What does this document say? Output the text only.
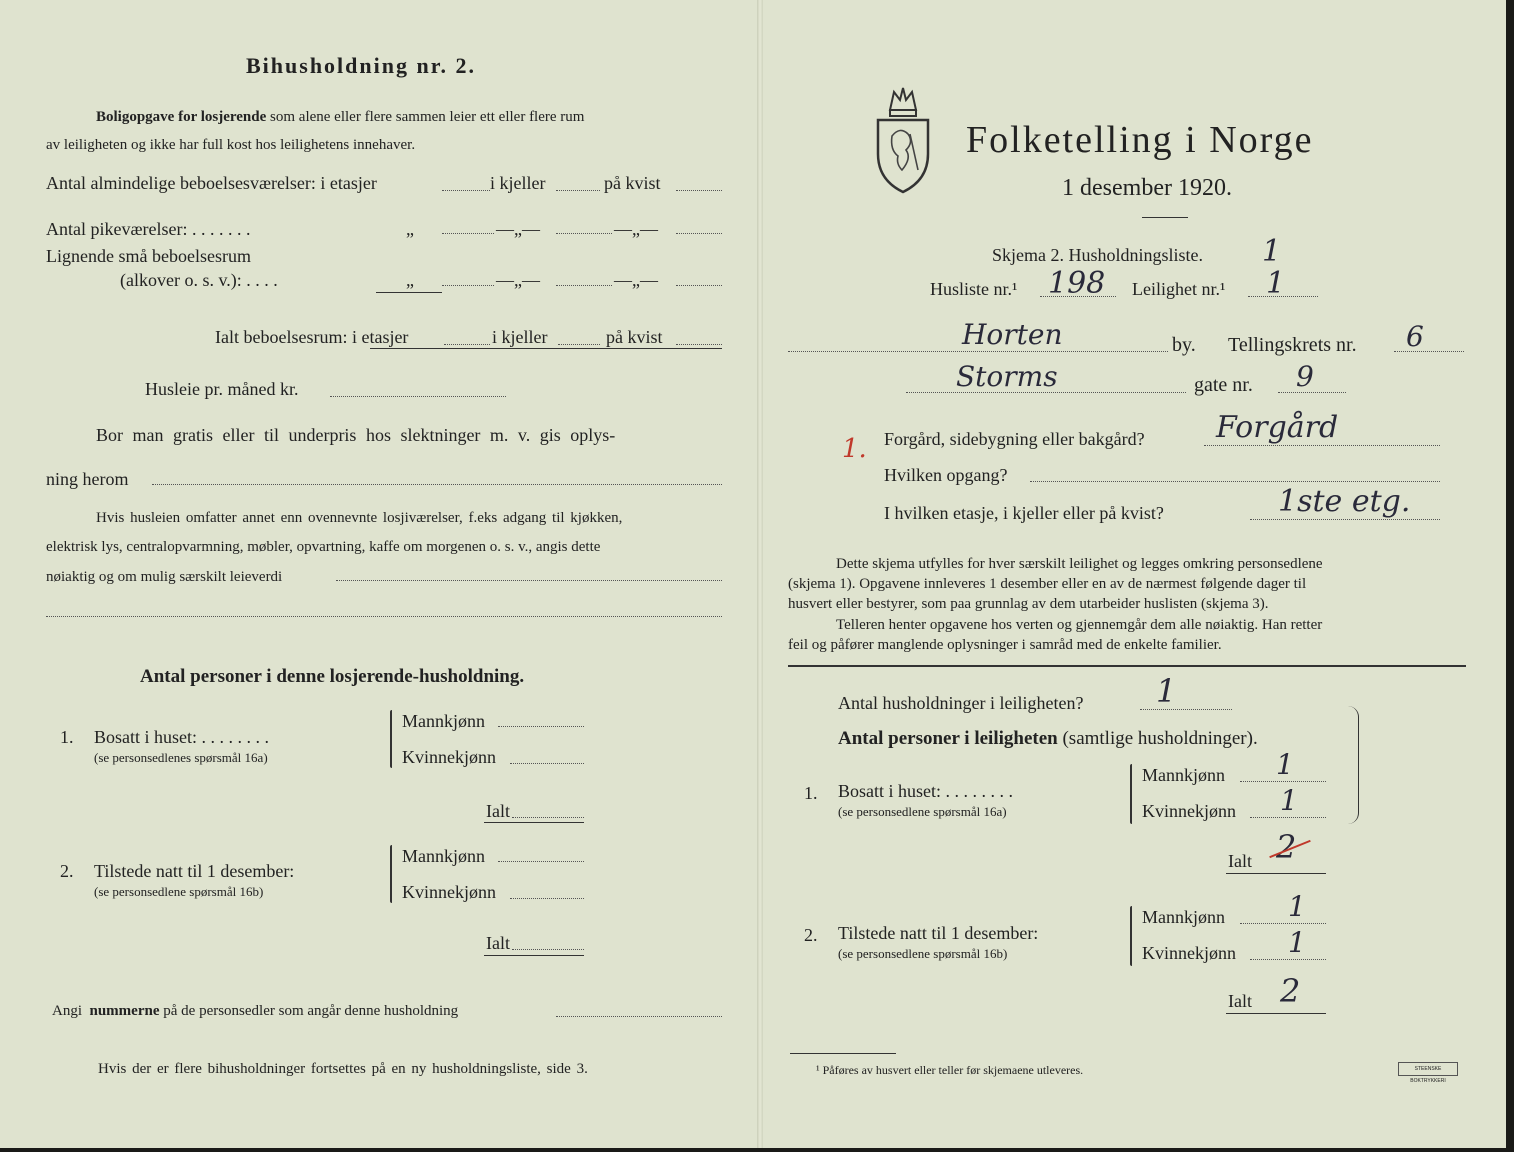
Bihusholdning nr. 2.
Boligopgave for losjerende som alene eller flere sammen leier ett eller flere rum
av leiligheten og ikke har full kost hos leilighetens innehaver.
Antal almindelige beboelsesværelser: i etasjer	i kjeller	på kvist
Antal pikeværelser: . . . . . . .	„	—„—	—„—
Lignende små beboelsesrum
(alkover o. s. v.): . . . .	„	—„—	—„—
Ialt beboelsesrum: i etasjer	i kjeller	på kvist
Husleie pr. måned kr.
Bor man gratis eller til underpris hos slektninger m. v. gis oplys-
ning herom
Hvis husleien omfatter annet enn ovennevnte losjiværelser, f.eks adgang til kjøkken,
elektrisk lys, centralopvarmning, møbler, opvartning, kaffe om morgenen o. s. v., angis dette
nøiaktig og om mulig særskilt leieverdi
Antal personer i denne losjerende-husholdning.
1. Bosatt i huset: . . . . . . . .
(se personsedlenes spørsmål 16a)
Mannkjønn
Kvinnekjønn
Ialt
2. Tilstede natt til 1 desember:
(se personsedlene spørsmål 16b)
Mannkjønn
Kvinnekjønn
Ialt
Angi nummerne på de personsedler som angår denne husholdning
Hvis der er flere bihusholdninger fortsettes på en ny husholdningsliste, side 3.
Folketelling i Norge
1 desember 1920.
Skjema 2. Husholdningsliste. 1
Husliste nr.¹ 198 Leilighet nr.¹ 1
Horten	by. Tellingskrets nr. 6
Storms	gate nr. 9
1. Forgård, sidebygning eller bakgård? Forgård
Hvilken opgang?
I hvilken etasje, i kjeller eller på kvist?	1ste etg.
Dette skjema utfylles for hver særskilt leilighet og legges omkring personsedlene
(skjema 1). Opgavene innleveres 1 desember eller en av de nærmest følgende dager til
husvert eller bestyrer, som paa grunnlag av dem utarbeider huslisten (skjema 3).
Telleren henter opgavene hos verten og gjennemgår dem alle nøiaktig. Han retter
feil og påfører manglende oplysninger i samråd med de enkelte familier.
Antal husholdninger i leiligheten? 1
Antal personer i leiligheten (samtlige husholdninger).
1. Bosatt i huset: . . . . . . . .
(se personsedlene spørsmål 16a)
Mannkjønn 1
Kvinnekjønn 1
Ialt 2
2. Tilstede natt til 1 desember:
(se personsedlene spørsmål 16b)
Mannkjønn 1
Kvinnekjønn 1
Ialt 2
¹ Påføres av husvert eller teller før skjemaene utleveres.	STEENSKE BOKTRYKKERI
